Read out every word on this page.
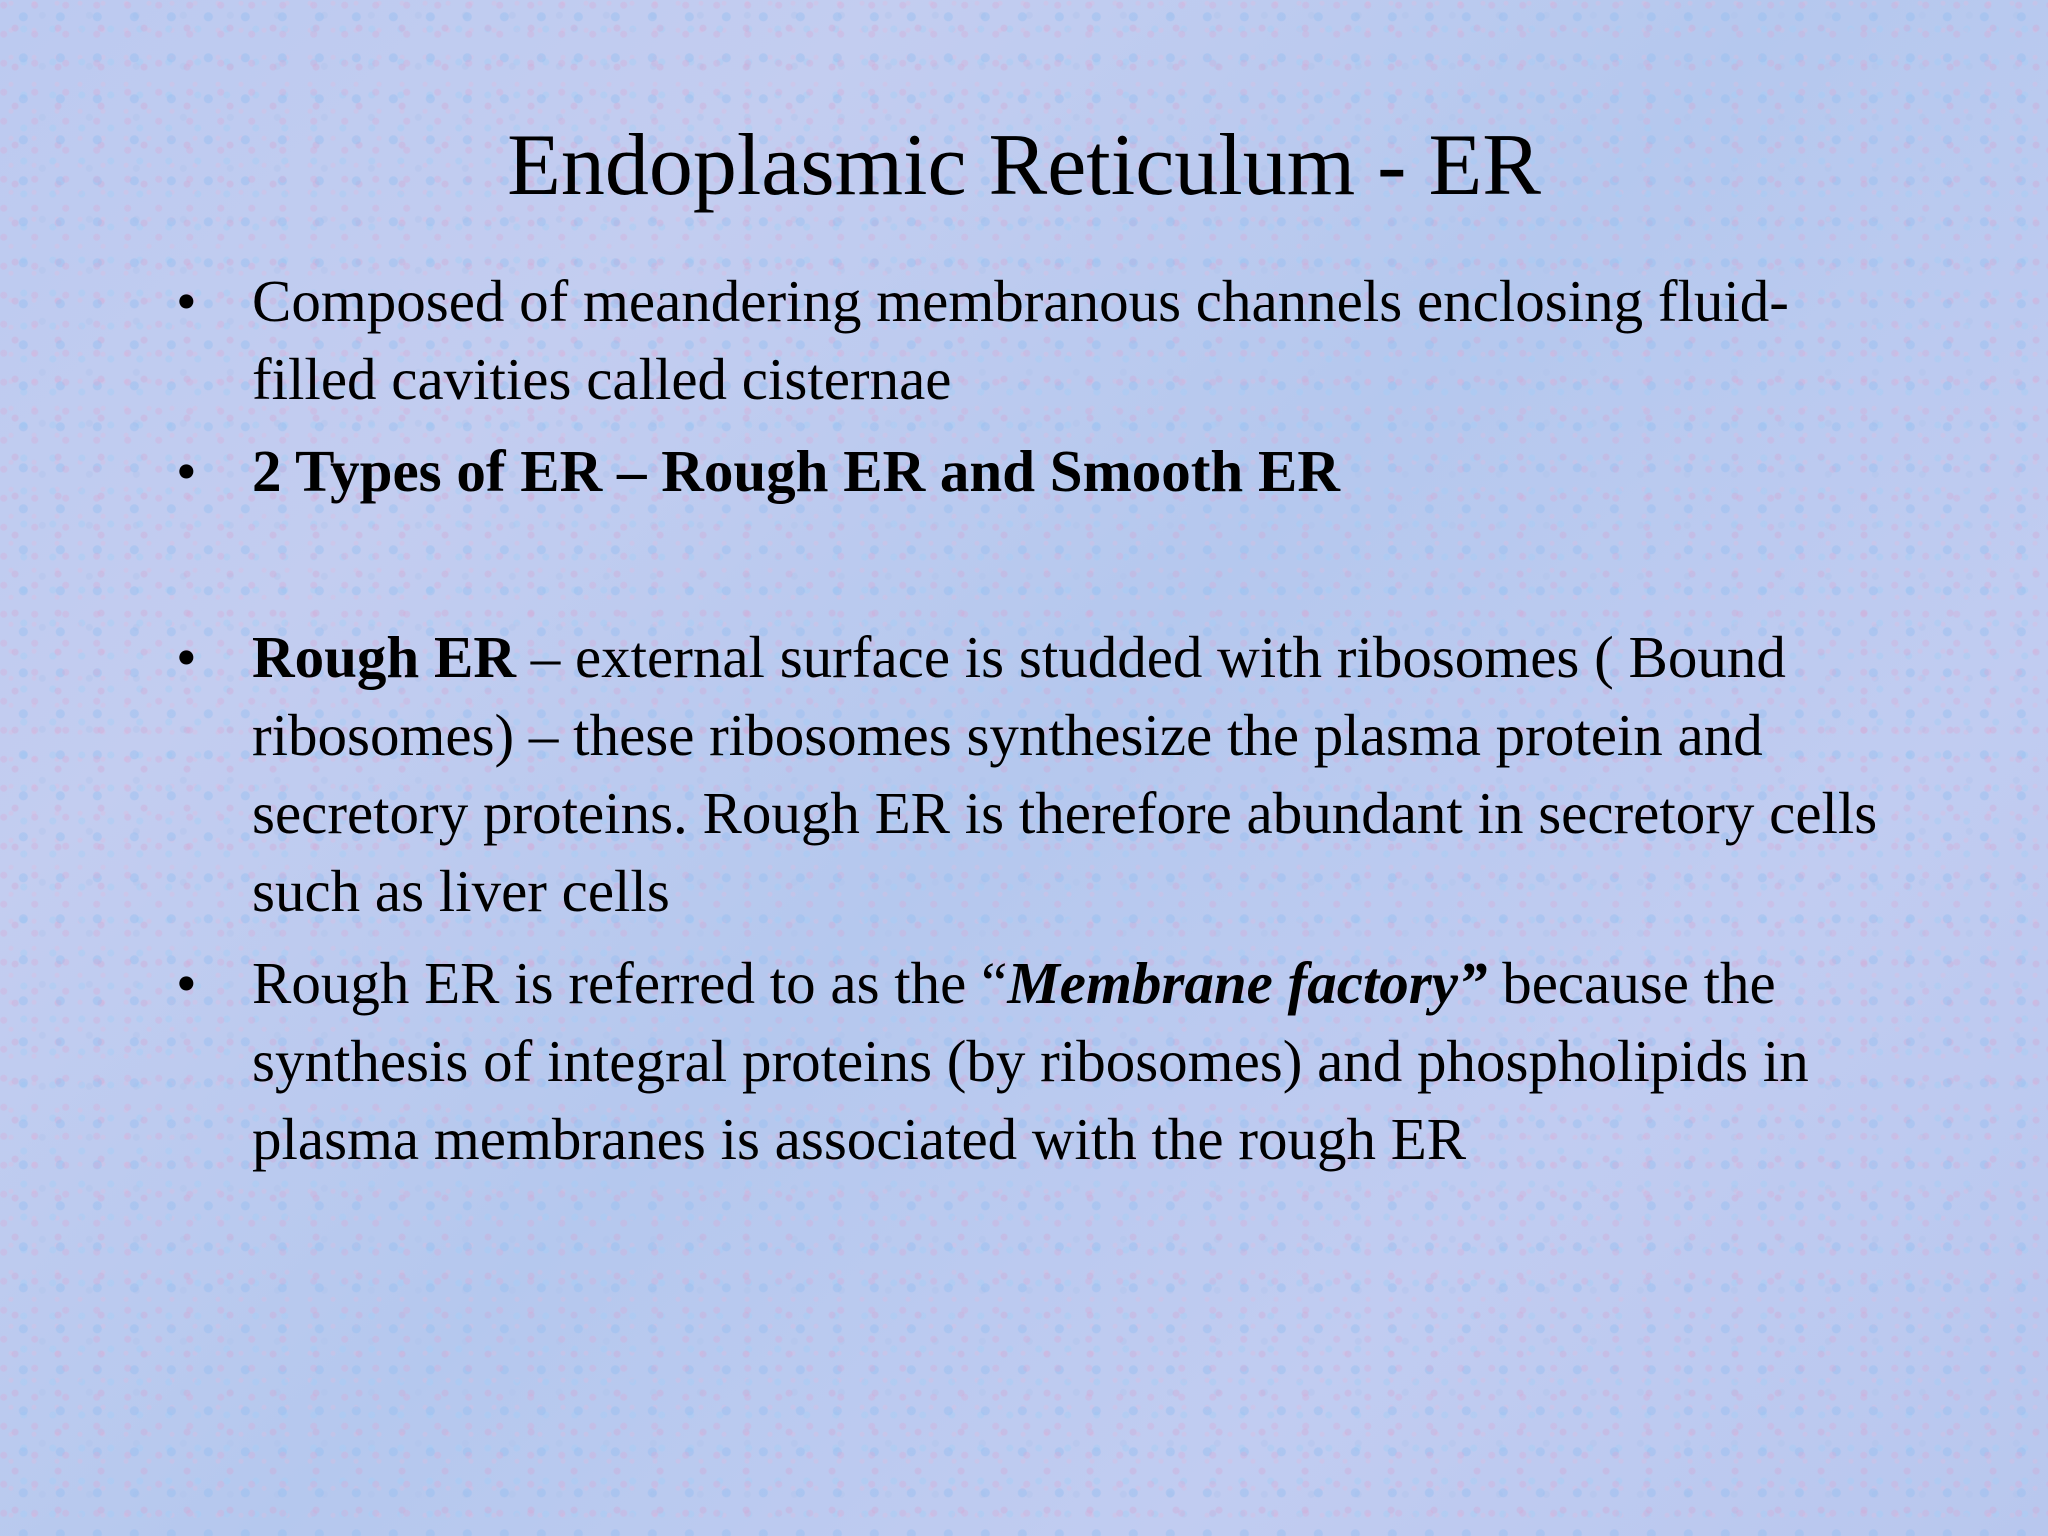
Endoplasmic Reticulum - ER
• Composed of meandering membranous channels enclosing fluid-filled cavities called cisternae
• 2 Types of ER – Rough ER and Smooth ER
• Rough ER – external surface is studded with ribosomes ( Bound ribosomes) – these ribosomes synthesize the plasma protein and secretory proteins. Rough ER is therefore abundant in secretory cells such as liver cells
• Rough ER is referred to as the “Membrane factory” because the synthesis of integral proteins (by ribosomes) and phospholipids in plasma membranes is associated with the rough ER
